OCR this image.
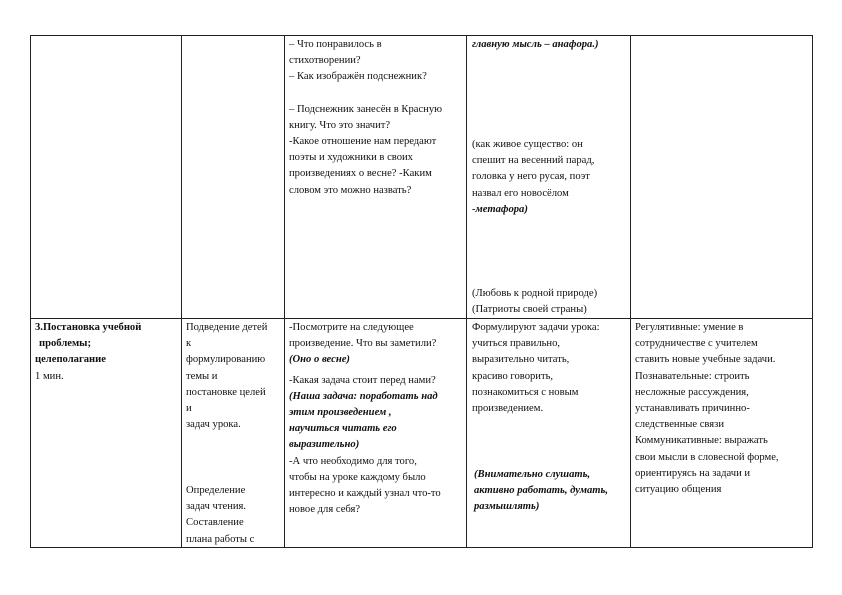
– Что понравилось в

стихотворении?

– Как изображён подснежник?

– Подснежник занесён в Красную

книгу. Что это значит?

-Какое отношение нам передают

поэты и художники в своих

произведениях о весне? -Каким

словом это можно назвать?

главную мысль – анафора.)

(как живое существо: он

спешит на весенний парад,

головка у него русая, поэт

назвал его новосёлом

-метафора)

(Любовь к родной природе)

(Патриоты своей страны)

3.Постановка учебной

проблемы;

целеполагание

1 мин.

Подведение детей

к

формулированию

темы и

постановке целей

и

задач урока.

Определение

задач чтения.

Составление

плана работы с

-Посмотрите на следующее

произведение. Что вы заметили?

(Оно о весне)

-Какая задача стоит перед нами?

(Наша задача: поработать над

этим произведением ,

научиться читать его

выразительно)

-А что необходимо для того,

чтобы на уроке каждому было

интересно и каждый узнал что-то

новое для себя?

Формулируют задачи урока:

учиться правильно,

выразительно читать,

красиво говорить,

познакомиться с новым

произведением.

(Внимательно слушать,

активно работать, думать,

размышлять)

Регулятивные: умение в

сотрудничестве с учителем

ставить новые учебные задачи.

Познавательные: строить

несложные рассуждения,

устанавливать причинно-

следственные связи

Коммуникативные: выражать

свои мысли в словесной форме,

ориентируясь на задачи и

ситуацию общения
